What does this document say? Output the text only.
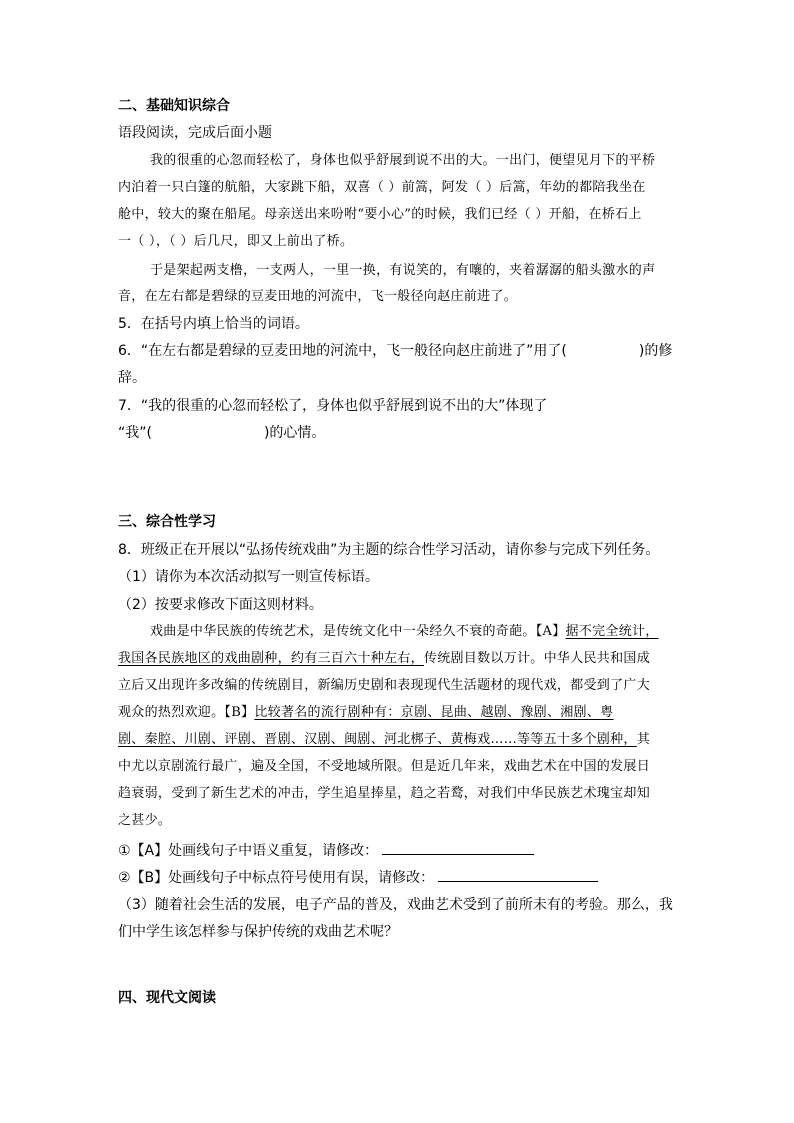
二、基础知识综合
语段阅读，完成后面小题
我的很重的心忽而轻松了，身体也似乎舒展到说不出的大。一出门，便望见月下的平桥
内泊着一只白篷的航船，大家跳下船，双喜（ ）前篙，阿发（ ）后篙，年幼的都陪我坐在
舱中，较大的聚在船尾。母亲送出来吩咐“要小心”的时候，我们已经（ ）开船，在桥石上
一（ ），（ ）后几尺，即又上前出了桥。
于是架起两支橹，一支两人，一里一换，有说笑的，有嚷的，夹着潺潺的船头激水的声
音，在左右都是碧绿的豆麦田地的河流中，飞一般径向赵庄前进了。
5．在括号内填上恰当的词语。
6．“在左右都是碧绿的豆麦田地的河流中，飞一般径向赵庄前进了”用了(	)的修
辞。
7．“我的很重的心忽而轻松了，身体也似乎舒展到说不出的大”体现了
“我”(	)的心情。
三、综合性学习
8．班级正在开展以“弘扬传统戏曲”为主题的综合性学习活动，请你参与完成下列任务。
（1）请你为本次活动拟写一则宣传标语。
（2）按要求修改下面这则材料。
戏曲是中华民族的传统艺术，是传统文化中一朵经久不衰的奇葩。【A】据不完全统计，
我国各民族地区的戏曲剧种，约有三百六十种左右，传统剧目数以万计。中华人民共和国成
立后又出现许多改编的传统剧目，新编历史剧和表现现代生活题材的现代戏，都受到了广大
观众的热烈欢迎。【B】比较著名的流行剧种有：京剧、昆曲、越剧、豫剧、湘剧、粤
剧、秦腔、川剧、评剧、晋剧、汉剧、闽剧、河北梆子、黄梅戏……等等五十多个剧种，其
中尤以京剧流行最广，遍及全国，不受地域所限。但是近几年来，戏曲艺术在中国的发展日
趋衰弱，受到了新生艺术的冲击，学生追星捧星，趋之若鹜，对我们中华民族艺术瑰宝却知
之甚少。
①【A】处画线句子中语义重复，请修改：
②【B】处画线句子中标点符号使用有误，请修改：
（3）随着社会生活的发展，电子产品的普及，戏曲艺术受到了前所未有的考验。那么，我
们中学生该怎样参与保护传统的戏曲艺术呢？
四、现代文阅读
